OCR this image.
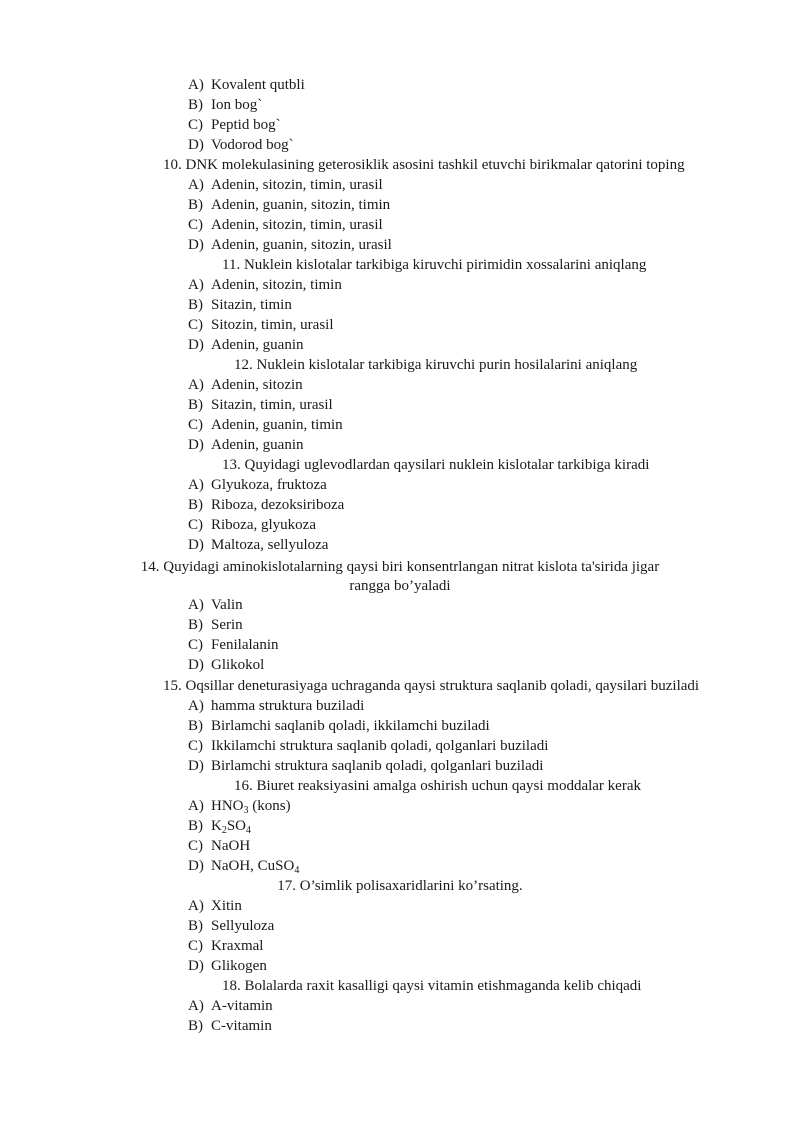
A) Kovalent qutbli
B) Ion bog`
C) Peptid bog`
D) Vodorod bog`
10. DNK molekulasining geterosiklik asosini tashkil etuvchi birikmalar qatorini toping
A) Adenin, sitozin, timin, urasil
B) Adenin, guanin, sitozin, timin
C) Adenin, sitozin, timin, urasil
D) Adenin, guanin, sitozin, urasil
11. Nuklein kislotalar tarkibiga kiruvchi pirimidin xossalarini aniqlang
A) Adenin, sitozin, timin
B) Sitazin, timin
C) Sitozin, timin, urasil
D) Adenin, guanin
12. Nuklein kislotalar tarkibiga kiruvchi purin hosilalarini aniqlang
A) Adenin, sitozin
B) Sitazin, timin, urasil
C) Adenin, guanin, timin
D) Adenin, guanin
13. Quyidagi uglevodlardan qaysilari nuklein kislotalar tarkibiga kiradi
A) Glyukoza, fruktoza
B) Riboza, dezoksiriboza
C) Riboza, glyukoza
D) Maltoza, sellyuloza
14. Quyidagi aminokislotalarning qaysi biri konsentrlangan nitrat kislota ta'sirida jigar
rangga bo’yaladi
A) Valin
B) Serin
C) Fenilalanin
D) Glikokol
15. Oqsillar deneturasiyaga uchraganda qaysi struktura saqlanib qoladi, qaysilari buziladi
A) hamma struktura buziladi
B) Birlamchi saqlanib qoladi, ikkilamchi buziladi
C) Ikkilamchi struktura saqlanib qoladi, qolganlari buziladi
D) Birlamchi struktura saqlanib qoladi, qolganlari buziladi
16. Biuret reaksiyasini amalga oshirish uchun qaysi moddalar kerak
A) $HNO_3$ (kons)
B) $K_2SO_4$
C) NaOH
D) NaOH, CuSO$_4$
17. O’simlik polisaxaridlarini ko’rsating.
A) Xitin
B) Sellyuloza
C) Kraxmal
D) Glikogen
18. Bolalarda raxit kasalligi qaysi vitamin etishmaganda kelib chiqadi
A) A-vitamin
B) C-vitamin
